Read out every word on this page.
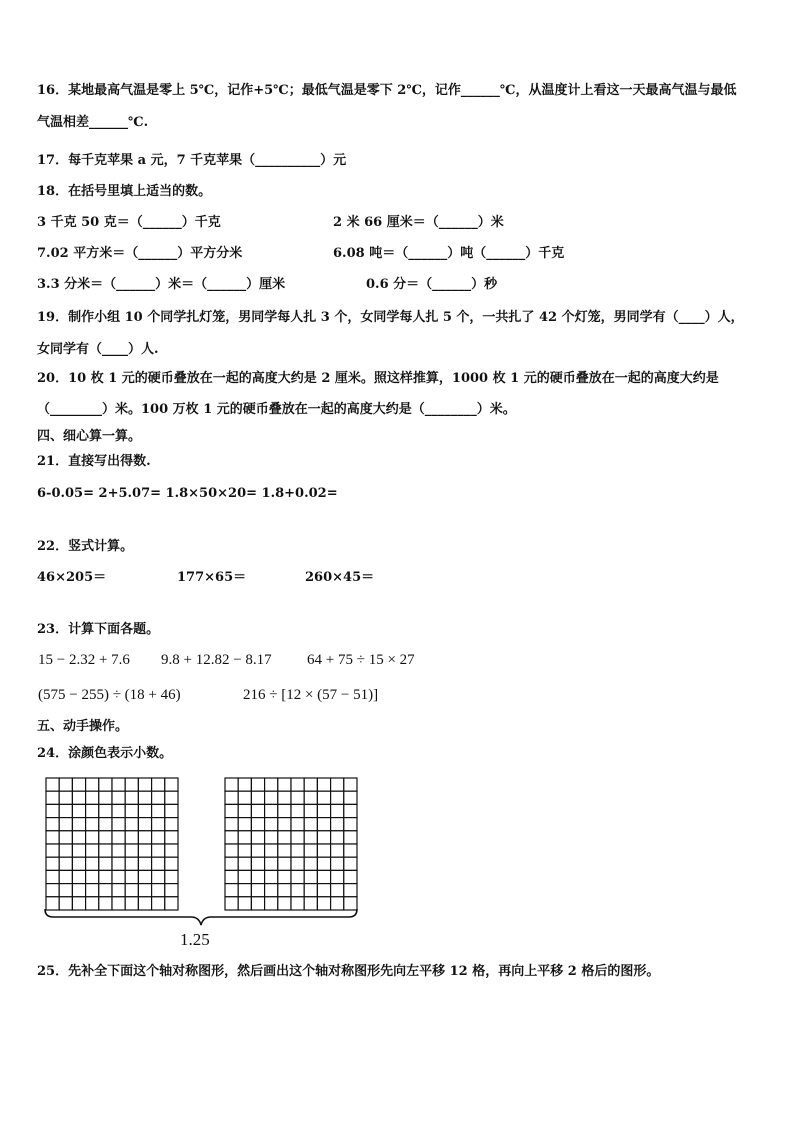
16．某地最高气温是零上 5℃，记作+5℃；最低气温是零下 2℃，记作______℃，从温度计上看这一天最高气温与最低
气温相差______℃.
17．每千克苹果 a 元，7 千克苹果（__________）元
18．在括号里填上适当的数。
3 千克 50 克＝（______）千克	2 米 66 厘米＝（______）米
7.02 平方米＝（______）平方分米	6.08 吨＝（______）吨（______）千克
3.3 分米＝（______）米＝（______）厘米	0.6 分＝（______）秒
19．制作小组 10 个同学扎灯笼，男同学每人扎 3 个，女同学每人扎 5 个，一共扎了 42 个灯笼，男同学有（____）人，
女同学有（____）人.
20．10 枚 1 元的硬币叠放在一起的高度大约是 2 厘米。照这样推算，1000 枚 1 元的硬币叠放在一起的高度大约是
（________）米。100 万枚 1 元的硬币叠放在一起的高度大约是（________）米。
四、细心算一算。
21．直接写出得数.
6-0.05= 2+5.07= 1.8×50×20= 1.8+0.02=
22．竖式计算。
46×205＝	177×65＝	260×45＝
23．计算下面各题。
15 − 2.32 + 7.6 9.8 + 12.82 − 8.17 64 + 75 ÷ 15 × 27
(575 − 255) ÷ (18 + 46)	216 ÷ [12 × (57 − 51)]
五、动手操作。
24．涂颜色表示小数。
1.25
25．先补全下面这个轴对称图形，然后画出这个轴对称图形先向左平移 12 格，再向上平移 2 格后的图形。
